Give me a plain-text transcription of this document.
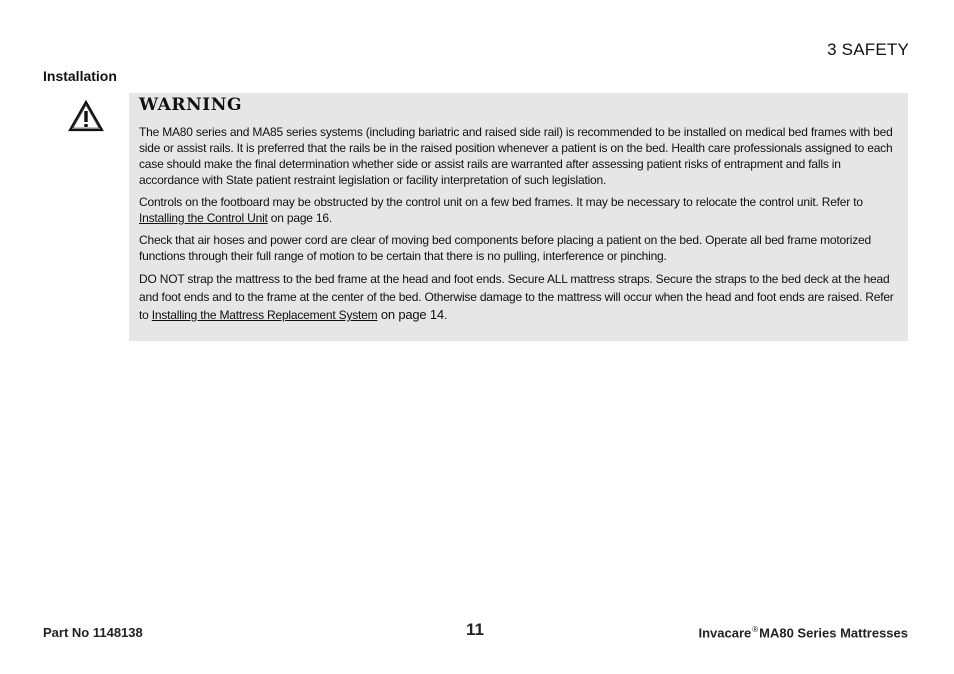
3 SAFETY
Installation
WARNING

The MA80 series and MA85 series systems (including bariatric and raised side rail) is recommended to be installed on medical bed frames with bed side or assist rails. It is preferred that the rails be in the raised position whenever a patient is on the bed. Health care professionals assigned to each case should make the final determination whether side or assist rails are warranted after assessing patient risks of entrapment and falls in accordance with State patient restraint legislation or facility interpretation of such legislation.

Controls on the footboard may be obstructed by the control unit on a few bed frames. It may be necessary to relocate the control unit. Refer to Installing the Control Unit on page 16.

Check that air hoses and power cord are clear of moving bed components before placing a patient on the bed. Operate all bed frame motorized functions through their full range of motion to be certain that there is no pulling, interference or pinching.

DO NOT strap the mattress to the bed frame at the head and foot ends. Secure ALL mattress straps. Secure the straps to the bed deck at the head and foot ends and to the frame at the center of the bed. Otherwise damage to the mattress will occur when the head and foot ends are raised. Refer to Installing the Mattress Replacement System on page 14.

Part No 1148138	11	Invacare®MA80 Series Mattresses
